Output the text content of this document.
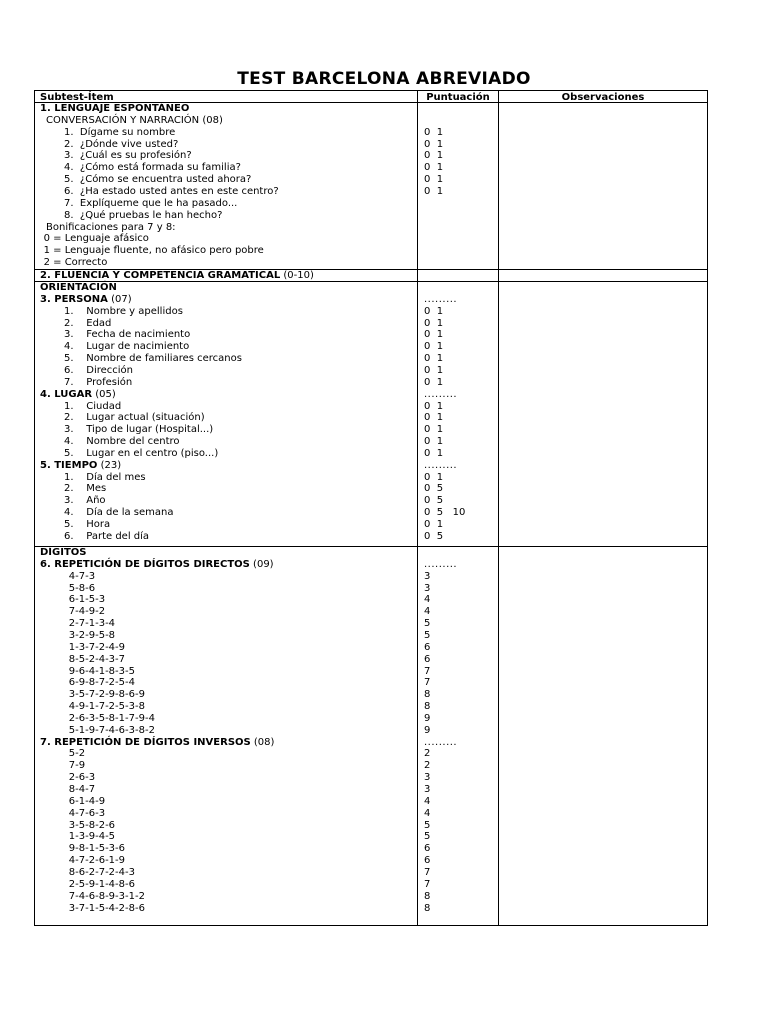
TEST BARCELONA ABREVIADO
Subtest-Ítem	Puntuación	Observaciones
1. LENGUAJE ESPONTÁNEO
CONVERSACIÓN Y NARRACIÓN (08)
1.  Dígame su nombre	0  1
2.  ¿Dónde vive usted?	0  1
3.  ¿Cuál es su profesión?	0  1
4.  ¿Cómo está formada su familia?	0  1
5.  ¿Cómo se encuentra usted ahora?	0  1
6.  ¿Ha estado usted antes en este centro?	0  1
7.  Explíqueme que le ha pasado...
8.  ¿Qué pruebas le han hecho?
Bonificaciones para 7 y 8:
0 = Lenguaje afásico
1 = Lenguaje fluente, no afásico pero pobre
2 = Correcto
2. FLUENCIA Y COMPETENCIA GRAMATICAL (0-10)
ORIENTACIÓN
3. PERSONA (07)	.........
1.    Nombre y apellidos	0  1
2.    Edad	0  1
3.    Fecha de nacimiento	0  1
4.    Lugar de nacimiento	0  1
5.    Nombre de familiares cercanos	0  1
6.    Dirección	0  1
7.    Profesión	0  1
4. LUGAR (05)	.........
1.    Ciudad	0  1
2.    Lugar actual (situación)	0  1
3.    Tipo de lugar (Hospital...)	0  1
4.    Nombre del centro	0  1
5.    Lugar en el centro (piso...)	0  1
5. TIEMPO (23)	.........
1.    Día del mes	0  1
2.    Mes	0  5
3.    Año	0  5
4.    Día de la semana	0  5   10
5.    Hora	0  1
6.    Parte del día	0  5
DÍGITOS
6. REPETICIÓN DE DÍGITOS DIRECTOS (09)	.........
4-7-3	3
5-8-6	3
6-1-5-3	4
7-4-9-2	4
2-7-1-3-4	5
3-2-9-5-8	5
1-3-7-2-4-9	6
8-5-2-4-3-7	6
9-6-4-1-8-3-5	7
6-9-8-7-2-5-4	7
3-5-7-2-9-8-6-9	8
4-9-1-7-2-5-3-8	8
2-6-3-5-8-1-7-9-4	9
5-1-9-7-4-6-3-8-2	9
7. REPETICIÓN DE DÍGITOS INVERSOS (08)	.........
5-2	2
7-9	2
2-6-3	3
8-4-7	3
6-1-4-9	4
4-7-6-3	4
3-5-8-2-6	5
1-3-9-4-5	5
9-8-1-5-3-6	6
4-7-2-6-1-9	6
8-6-2-7-2-4-3	7
2-5-9-1-4-8-6	7
7-4-6-8-9-3-1-2	8
3-7-1-5-4-2-8-6	8
